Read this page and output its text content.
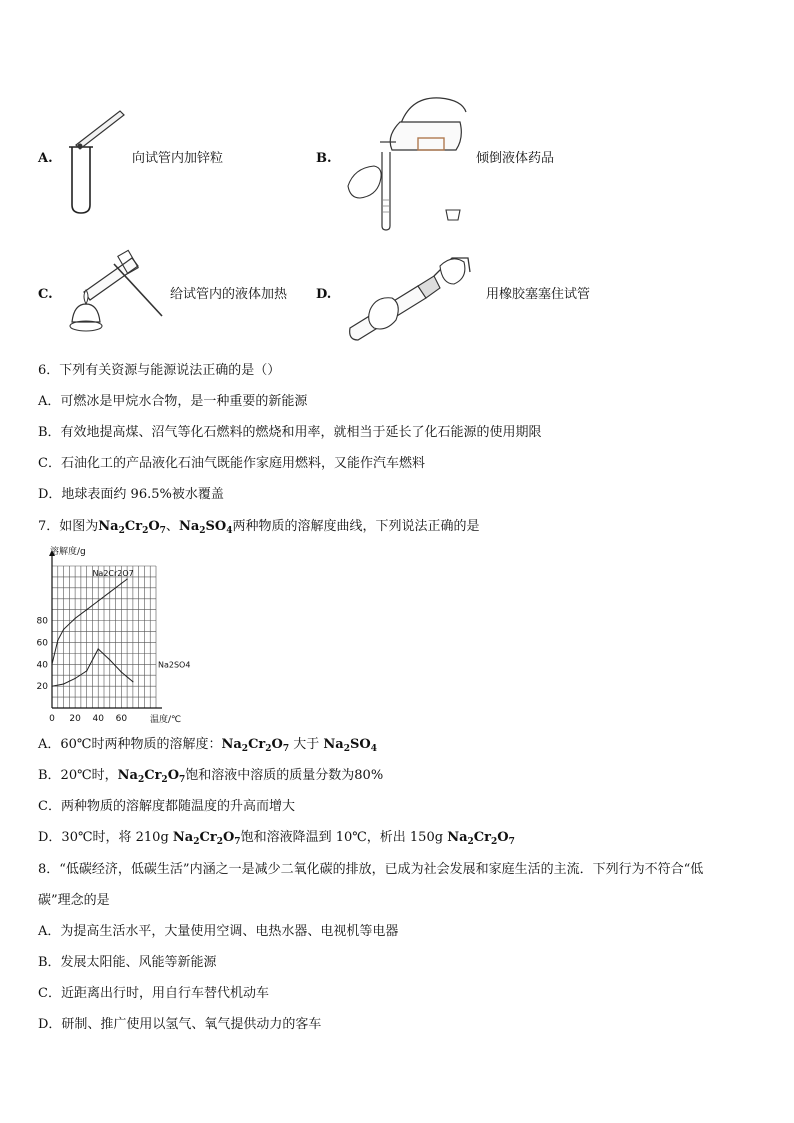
A.	向试管内加锌粒	B.	倾倒液体药品
C.	给试管内的液体加热 D.	用橡胶塞塞住试管
6．下列有关资源与能源说法正确的是（）
A．可燃冰是甲烷水合物，是一种重要的新能源
B．有效地提高煤、沼气等化石燃料的燃烧和用率，就相当于延长了化石能源的使用期限
C．石油化工的产品液化石油气既能作家庭用燃料，又能作汽车燃料
D．地球表面约 96.5%被水覆盖
7．如图为$Na_2Cr_2O_7$、$Na_2SO_4$两种物质的溶解度曲线，下列说法正确的是
0 20 40 60
20
40
60
80
溶解度/g
温度/℃
Na2Cr2O7
Na2SO4
A．60℃时两种物质的溶解度：$Na_2Cr_2O_7$ 大于 $Na_2SO_4$
B．20℃时，$Na_2Cr_2O_7$饱和溶液中溶质的质量分数为80%
C．两种物质的溶解度都随温度的升高而增大
D．30℃时，将 210g $Na_2Cr_2O_7$饱和溶液降温到 10℃，析出 150g $Na_2Cr_2O_7$
8．“低碳经济，低碳生活”内涵之一是减少二氧化碳的排放，已成为社会发展和家庭生活的主流．下列行为不符合“低
碳”理念的是
A．为提高生活水平，大量使用空调、电热水器、电视机等电器
B．发展太阳能、风能等新能源
C．近距离出行时，用自行车替代机动车
D．研制、推广使用以氢气、氧气提供动力的客车
